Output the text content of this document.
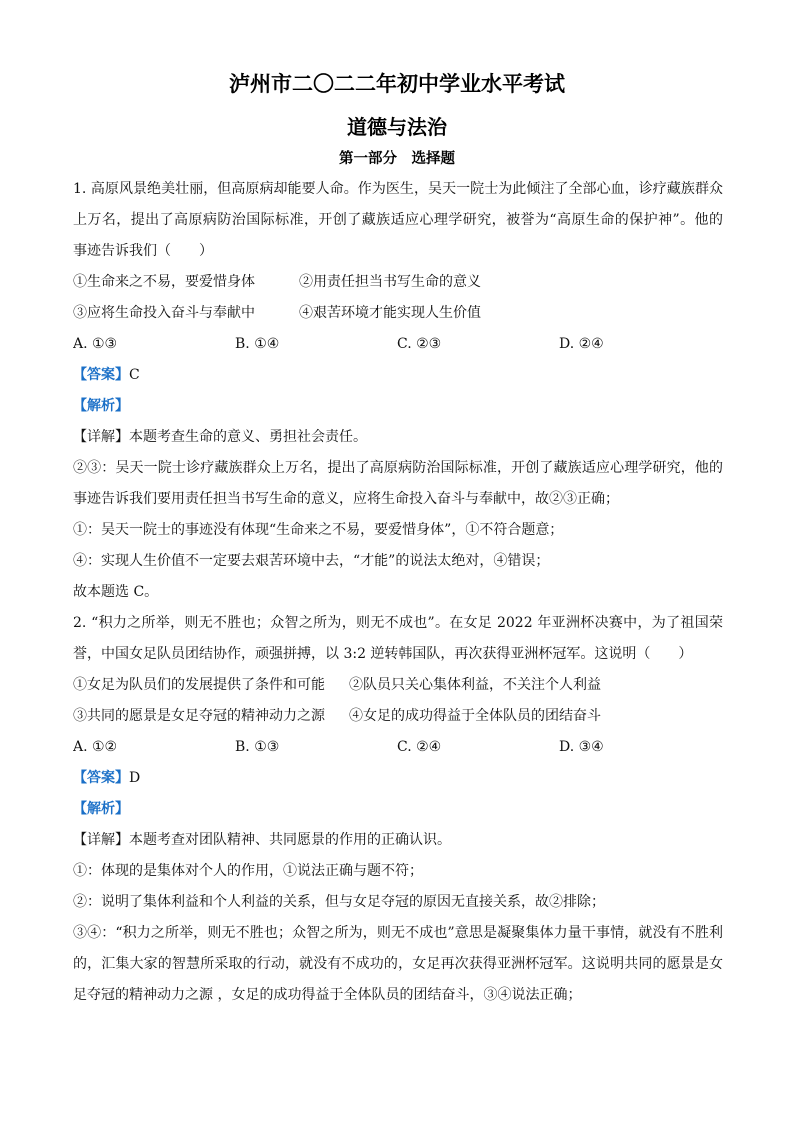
泸州市二〇二二年初中学业水平考试
道德与法治
第一部分　选择题
1. 高原风景绝美壮丽，但高原病却能要人命。作为医生，吴天一院士为此倾注了全部心血，诊疗藏族群众
上万名，提出了高原病防治国际标准，开创了藏族适应心理学研究，被誉为“高原生命的保护神”。他的
事迹告诉我们（　　）
①生命来之不易，要爱惜身体	②用责任担当书写生命的意义
③应将生命投入奋斗与奉献中	④艰苦环境才能实现人生价值
A. ①③	B. ①④	C. ②③	D. ②④
【答案】C
【解析】
【详解】本题考查生命的意义、勇担社会责任。
②③：吴天一院士诊疗藏族群众上万名，提出了高原病防治国际标准，开创了藏族适应心理学研究，他的
事迹告诉我们要用责任担当书写生命的意义，应将生命投入奋斗与奉献中，故②③正确；
①：吴天一院士的事迹没有体现“生命来之不易，要爱惜身体”，①不符合题意；
④：实现人生价值不一定要去艰苦环境中去，“才能”的说法太绝对，④错误；
故本题选 C。
2. “积力之所举，则无不胜也；众智之所为，则无不成也”。在女足 2022 年亚洲杯决赛中，为了祖国荣
誉，中国女足队员团结协作，顽强拼搏，以 3:2 逆转韩国队，再次获得亚洲杯冠军。这说明（　　）
①女足为队员们的发展提供了条件和可能	②队员只关心集体利益，不关注个人利益
③共同的愿景是女足夺冠的精神动力之源	④女足的成功得益于全体队员的团结奋斗
A. ①②	B. ①③	C. ②④	D. ③④
【答案】D
【解析】
【详解】本题考查对团队精神、共同愿景的作用的正确认识。
①：体现的是集体对个人的作用，①说法正确与题不符；
②：说明了集体利益和个人利益的关系，但与女足夺冠的原因无直接关系，故②排除；
③④：“积力之所举，则无不胜也；众智之所为，则无不成也”意思是凝聚集体力量干事情，就没有不胜利
的，汇集大家的智慧所采取的行动，就没有不成功的，女足再次获得亚洲杯冠军。这说明共同的愿景是女
足夺冠的精神动力之源 ，女足的成功得益于全体队员的团结奋斗，③④说法正确；
